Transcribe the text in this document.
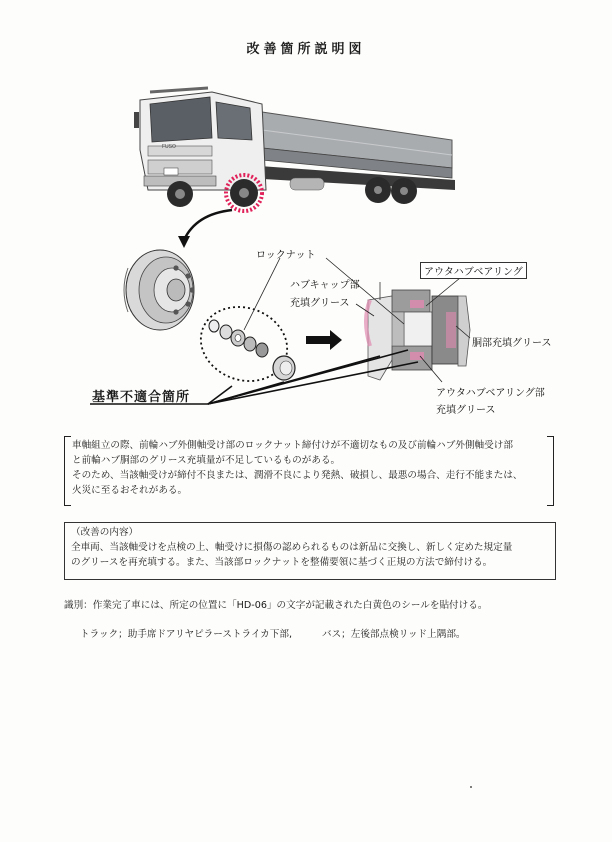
改善箇所説明図
FUSO
ロックナット
ハブキャップ部
充填グリース
アウタハブベアリング
胴部充填グリース
アウタハブベアリング部
充填グリース
基準不適合箇所
車軸組立の際、前輪ハブ外側軸受け部のロックナット締付けが不適切なもの及び前輪ハブ外側軸受け部
と前輪ハブ胴部のグリース充填量が不足しているものがある。
そのため、当該軸受けが締付不良または、潤滑不良により発熱、破損し、最悪の場合、走行不能または、
火災に至るおそれがある。
（改善の内容）
全車両、当該軸受けを点検の上、軸受けに損傷の認められるものは新品に交換し、新しく定めた規定量
のグリースを再充填する。また、当該部ロックナットを整備要領に基づく正規の方法で締付ける。
識別：作業完了車には、所定の位置に「HD-06」の文字が記載された白黄色のシールを貼付ける。
トラック；助手席ドアリヤピラーストライカ下部,	バス；左後部点検リッド上隅部。
